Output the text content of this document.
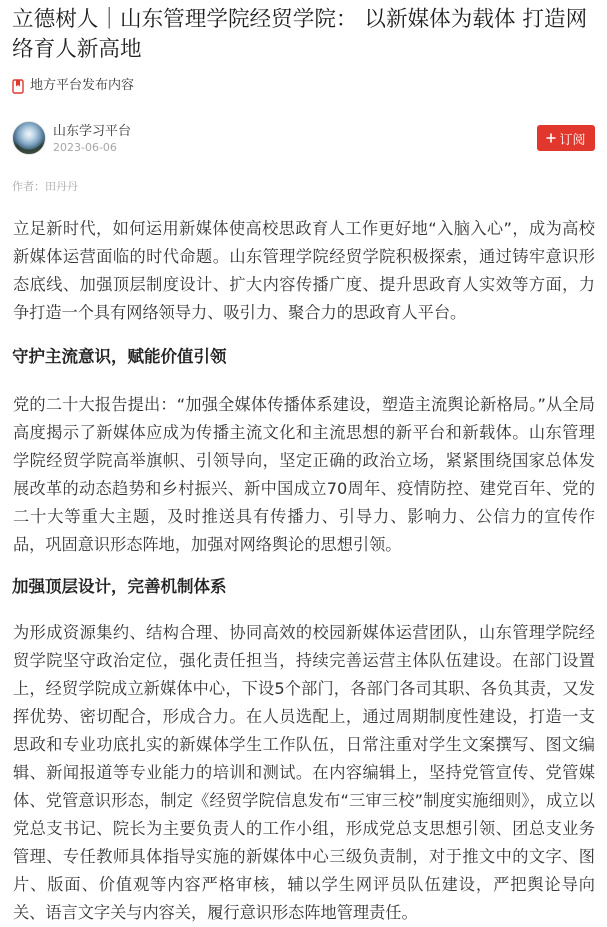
立德树人｜山东管理学院经贸学院： 以新媒体为载体 打造网络育人新高地
地方平台发布内容
山东学习平台
2023-06-06	订阅
作者：田丹丹

立足新时代，如何运用新媒体使高校思政育人工作更好地“入脑入心”，成为高校新媒体运营面临的时代命题。山东管理学院经贸学院积极探索，通过铸牢意识形态底线、加强顶层制度设计、扩大内容传播广度、提升思政育人实效等方面，力争打造一个具有网络领导力、吸引力、聚合力的思政育人平台。

守护主流意识，赋能价值引领

党的二十大报告提出：“加强全媒体传播体系建设，塑造主流舆论新格局。”从全局高度揭示了新媒体应成为传播主流文化和主流思想的新平台和新载体。山东管理学院经贸学院高举旗帜、引领导向，坚定正确的政治立场，紧紧围绕国家总体发展改革的动态趋势和乡村振兴、新中国成立70周年、疫情防控、建党百年、党的二十大等重大主题，及时推送具有传播力、引导力、影响力、公信力的宣传作品，巩固意识形态阵地，加强对网络舆论的思想引领。

加强顶层设计，完善机制体系

为形成资源集约、结构合理、协同高效的校园新媒体运营团队，山东管理学院经贸学院坚守政治定位，强化责任担当，持续完善运营主体队伍建设。在部门设置上，经贸学院成立新媒体中心，下设5个部门，各部门各司其职、各负其责，又发挥优势、密切配合，形成合力。在人员选配上，通过周期制度性建设，打造一支思政和专业功底扎实的新媒体学生工作队伍，日常注重对学生文案撰写、图文编辑、新闻报道等专业能力的培训和测试。在内容编辑上，坚持党管宣传、党管媒体、党管意识形态，制定《经贸学院信息发布“三审三校”制度实施细则》，成立以党总支书记、院长为主要负责人的工作小组，形成党总支思想引领、团总支业务管理、专任教师具体指导实施的新媒体中心三级负责制，对于推文中的文字、图片、版面、价值观等内容严格审核，辅以学生网评员队伍建设，严把舆论导向关、语言文字关与内容关，履行意识形态阵地管理责任。
